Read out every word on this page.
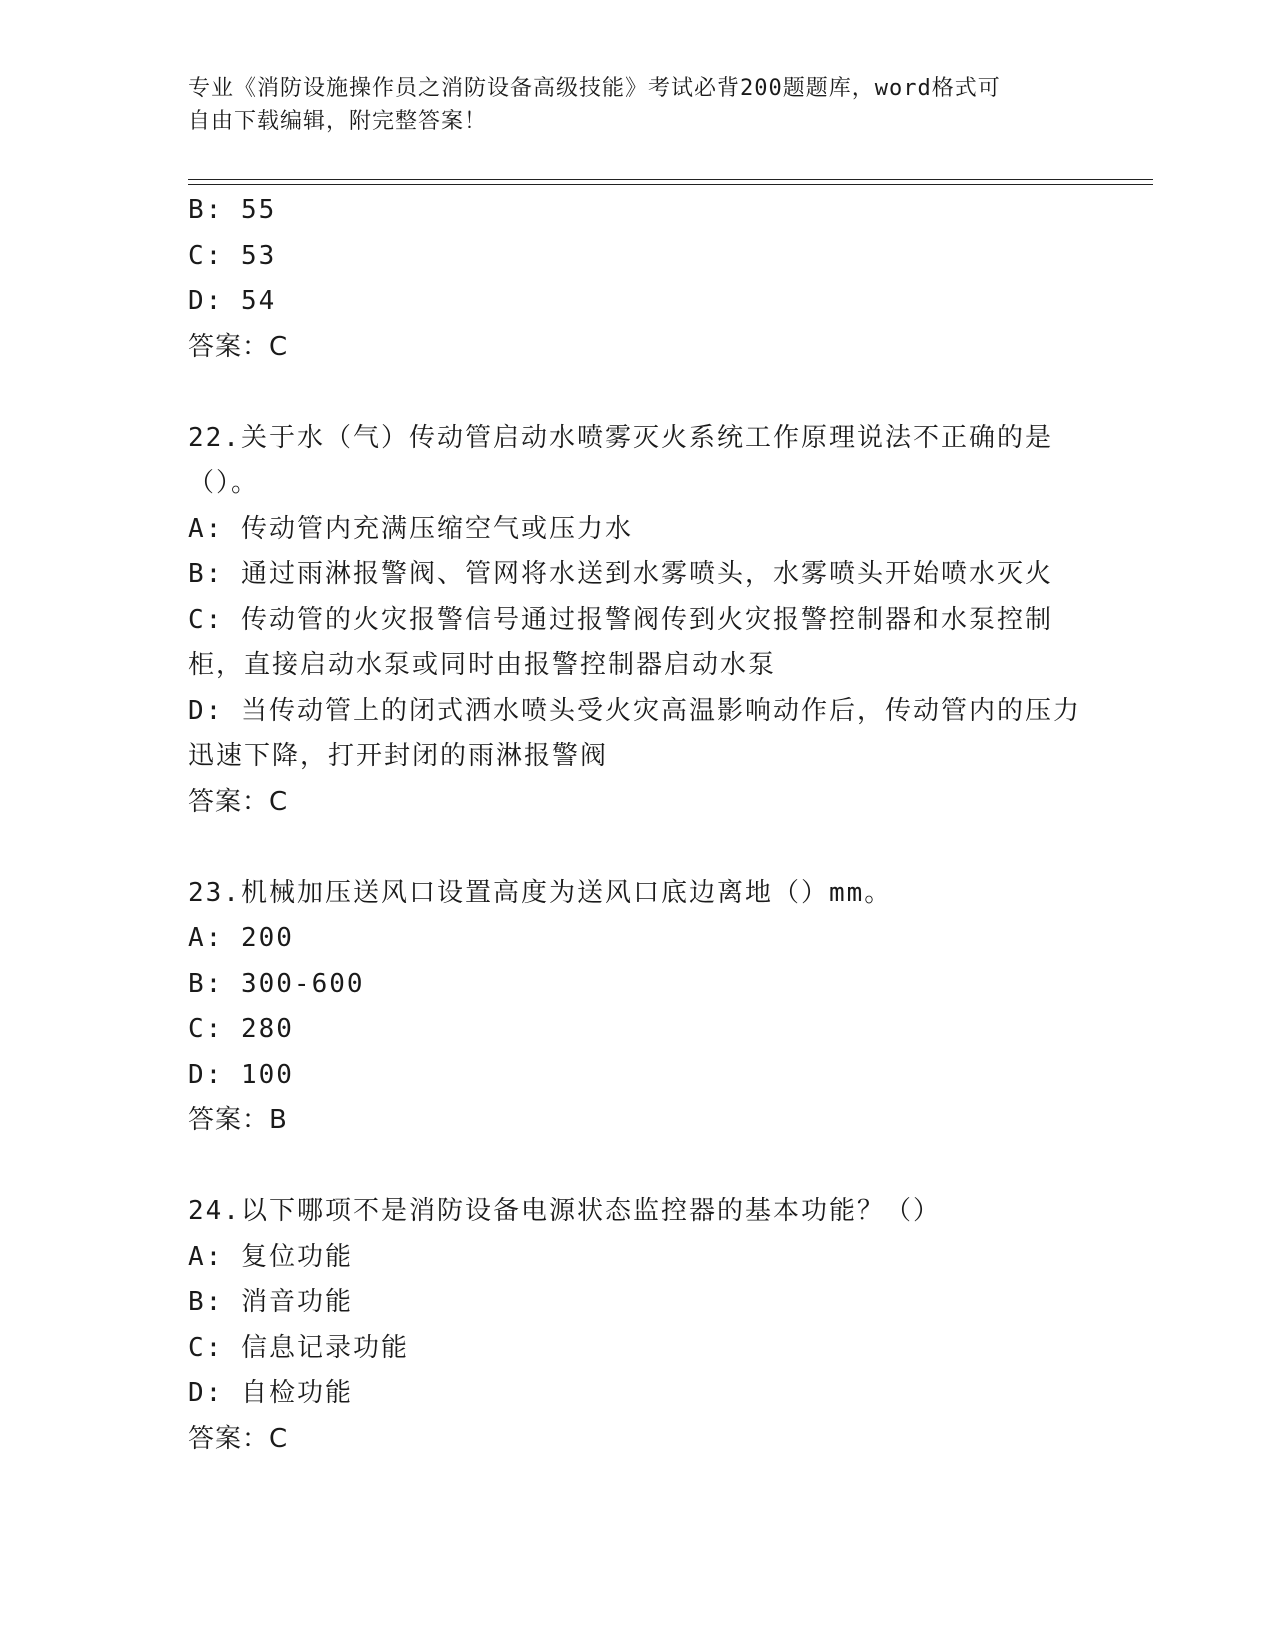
专业《消防设施操作员之消防设备高级技能》考试必背200题题库，word格式可
自由下载编辑，附完整答案！
B: 55
C: 53
D: 54
答案：C
22.关于水（气）传动管启动水喷雾灭火系统工作原理说法不正确的是（）。
A: 传动管内充满压缩空气或压力水
B: 通过雨淋报警阀、管网将水送到水雾喷头，水雾喷头开始喷水灭火
C: 传动管的火灾报警信号通过报警阀传到火灾报警控制器和水泵控制柜，直接启动水泵或同时由报警控制器启动水泵
D: 当传动管上的闭式洒水喷头受火灾高温影响动作后，传动管内的压力迅速下降，打开封闭的雨淋报警阀
答案：C
23.机械加压送风口设置高度为送风口底边离地（）mm。
A: 200
B: 300-600
C: 280
D: 100
答案：B
24.以下哪项不是消防设备电源状态监控器的基本功能？（）
A: 复位功能
B: 消音功能
C: 信息记录功能
D: 自检功能
答案：C
